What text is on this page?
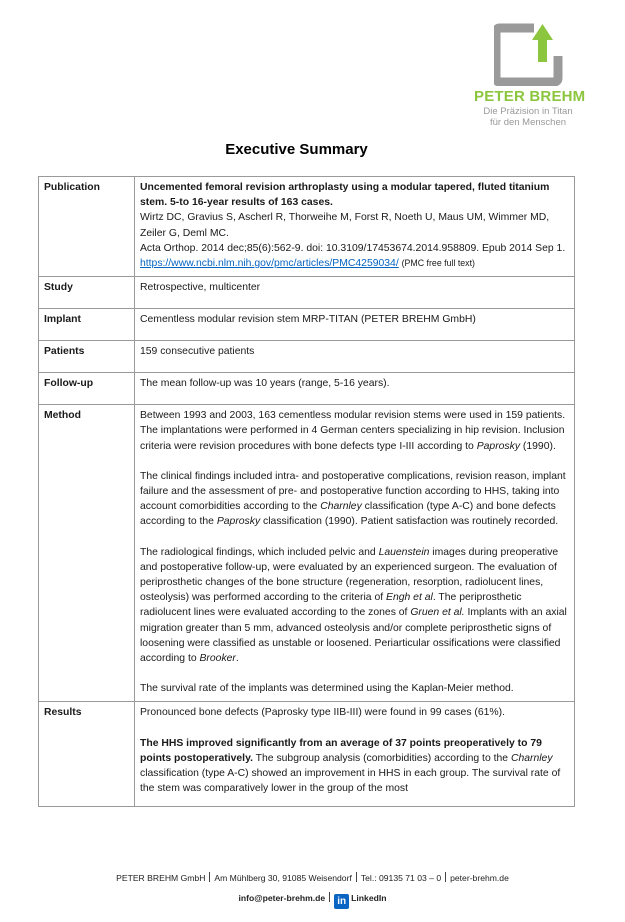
PETER BREHM
Die Präzision in Titan
für den Menschen
Executive Summary
Publication	Uncemented femoral revision arthroplasty using a modular tapered, fluted titanium stem. 5-to 16-year results of 163 cases.
Wirtz DC, Gravius S, Ascherl R, Thorweihe M, Forst R, Noeth U, Maus UM, Wimmer MD, Zeiler G, Deml MC.
Acta Orthop. 2014 dec;85(6):562-9. doi: 10.3109/17453674.2014.958809. Epub 2014 Sep 1.
https://www.ncbi.nlm.nih.gov/pmc/articles/PMC4259034/ (PMC free full text)

Study	Retrospective, multicenter
Implant	Cementless modular revision stem MRP-TITAN (PETER BREHM GmbH)
Patients	159 consecutive patients
Follow-up	The mean follow-up was 10 years (range, 5-16 years).
Method	Between 1993 and 2003, 163 cementless modular revision stems were used in 159 patients. The implantations were performed in 4 German centers specializing in hip revision. Inclusion criteria were revision procedures with bone defects type I-III according to Paprosky (1990).

The clinical findings included intra- and postoperative complications, revision reason, implant failure and the assessment of pre- and postoperative function according to HHS, taking into account comorbidities according to the Charnley classification (type A-C) and bone defects according to the Paprosky classification (1990). Patient satisfaction was routinely recorded.

The radiological findings, which included pelvic and Lauenstein images during preoperative and postoperative follow-up, were evaluated by an experienced surgeon. The evaluation of periprosthetic changes of the bone structure (regeneration, resorption, radiolucent lines, osteolysis) was performed according to the criteria of Engh et al. The periprosthetic radiolucent lines were evaluated according to the zones of Gruen et al. Implants with an axial migration greater than 5 mm, advanced osteolysis and/or complete periprosthetic signs of loosening were classified as unstable or loosened. Periarticular ossifications were classified according to Brooker.

The survival rate of the implants was determined using the Kaplan-Meier method.

Results	Pronounced bone defects (Paprosky type IIB-III) were found in 99 cases (61%).

The HHS improved significantly from an average of 37 points preoperatively to 79 points postoperatively. The subgroup analysis (comorbidities) according to the Charnley classification (type A-C) showed an improvement in HHS in each group. The survival rate of the stem was comparatively lower in the group of the most

PETER BREHM GmbH Am Mühlberg 30, 91085 Weisendorf Tel.: 09135 71 03 – 0 peter-brehm.de
info@peter-brehm.de in LinkedIn
